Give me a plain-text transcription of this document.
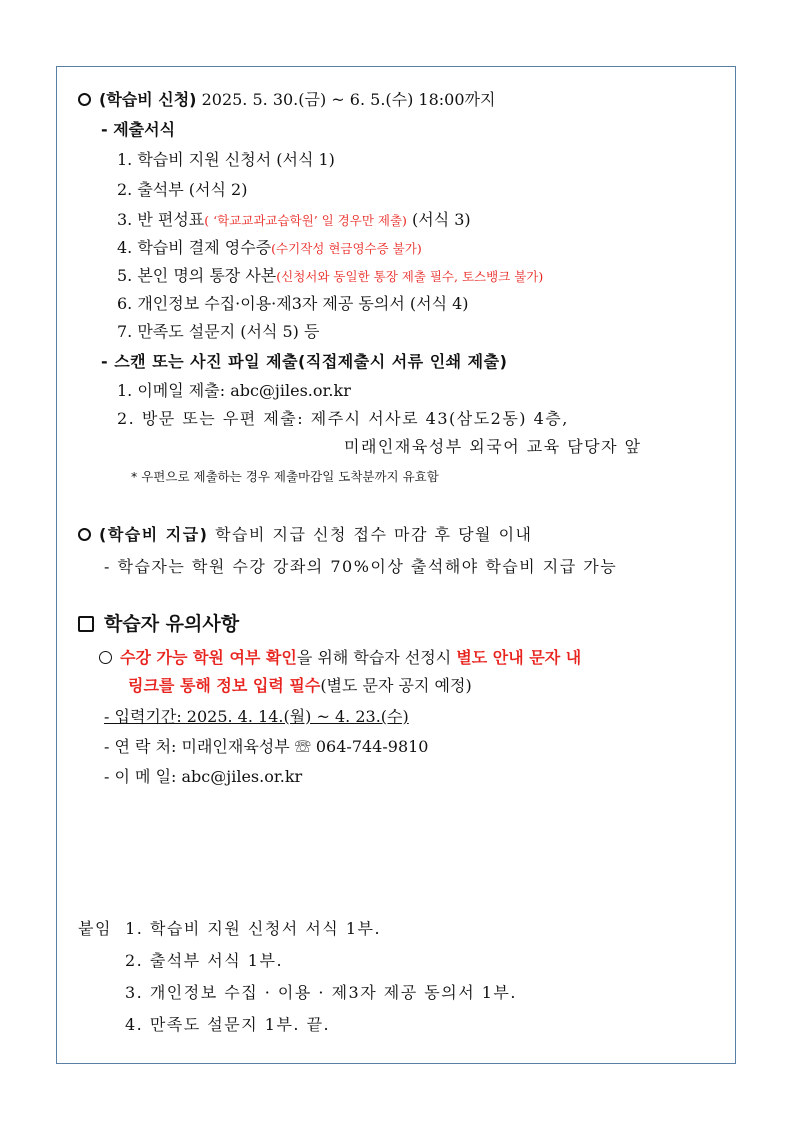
(학습비 신청) 2025. 5. 30.(금) ~ 6. 5.(수) 18:00까지
- 제출서식
1. 학습비 지원 신청서 (서식 1)
2. 출석부 (서식 2)
3. 반 편성표( ‘학교교과교습학원’ 일 경우만 제출) (서식 3)
4. 학습비 결제 영수증(수기작성 현금영수증 불가)
5. 본인 명의 통장 사본(신청서와 동일한 통장 제출 필수, 토스뱅크 불가)
6. 개인정보 수집·이용·제3자 제공 동의서 (서식 4)
7. 만족도 설문지 (서식 5) 등
- 스캔 또는 사진 파일 제출(직접제출시 서류 인쇄 제출)
1. 이메일 제출: abc@jiles.or.kr
2. 방문 또는 우편 제출: 제주시 서사로 43(삼도2동) 4층,
미래인재육성부 외국어 교육 담당자 앞
* 우편으로 제출하는 경우 제출마감일 도착분까지 유효함
(학습비 지급) 학습비 지급 신청 접수 마감 후 당월 이내
- 학습자는 학원 수강 강좌의 70%이상 출석해야 학습비 지급 가능
학습자 유의사항
수강 가능 학원 여부 확인을 위해 학습자 선정시 별도 안내 문자 내
링크를 통해 정보 입력 필수(별도 문자 공지 예정)
- 입력기간: 2025. 4. 14.(월) ~ 4. 23.(수)
- 연 락 처: 미래인재육성부 ☏ 064-744-9810
- 이 메 일: abc@jiles.or.kr
붙임 1. 학습비 지원 신청서 서식 1부.
2. 출석부 서식 1부.
3. 개인정보 수집 · 이용 · 제3자 제공 동의서 1부.
4. 만족도 설문지 1부. 끝.
